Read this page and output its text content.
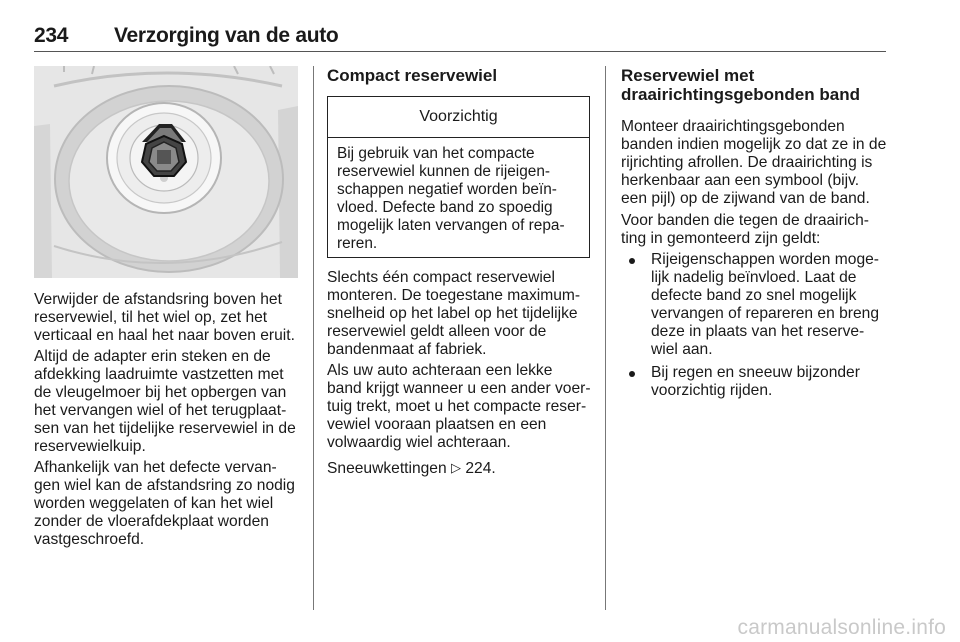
234 Verzorging van de auto

Verwijder de afstandsring boven het
reservewiel, til het wiel op, zet het
verticaal en haal het naar boven eruit.

Altijd de adapter erin steken en de
afdekking laadruimte vastzetten met
de vleugelmoer bij het opbergen van
het vervangen wiel of het terugplaat-
sen van het tijdelijke reservewiel in de
reservewielkuip.

Afhankelijk van het defecte vervan-
gen wiel kan de afstandsring zo nodig
worden weggelaten of kan het wiel
zonder de vloerafdekplaat worden
vastgeschroefd.

Compact reservewiel
Voorzichtig
Bij gebruik van het compacte
reservewiel kunnen de rijeigen-
schappen negatief worden beïn-
vloed. Defecte band zo spoedig
mogelijk laten vervangen of repa-
reren.

Slechts één compact reservewiel
monteren. De toegestane maximum-
snelheid op het label op het tijdelijke
reservewiel geldt alleen voor de
bandenmaat af fabriek.

Als uw auto achteraan een lekke
band krijgt wanneer u een ander voer-
tuig trekt, moet u het compacte reser-
vewiel vooraan plaatsen en een
volwaardig wiel achteraan.

Sneeuwkettingen ▷ 224.

Reservewiel met
draairichtingsgebonden band

Monteer draairichtingsgebonden
banden indien mogelijk zo dat ze in de
rijrichting afrollen. De draairichting is
herkenbaar aan een symbool (bijv.
een pijl) op de zijwand van de band.

Voor banden die tegen de draairich-
ting in gemonteerd zijn geldt:

Rijeigenschappen worden moge-
lijk nadelig beïnvloed. Laat de
defecte band zo snel mogelijk
vervangen of repareren en breng
deze in plaats van het reserve-
wiel aan.
Bij regen en sneeuw bijzonder
voorzichtig rijden.
carmanualsonline.info
